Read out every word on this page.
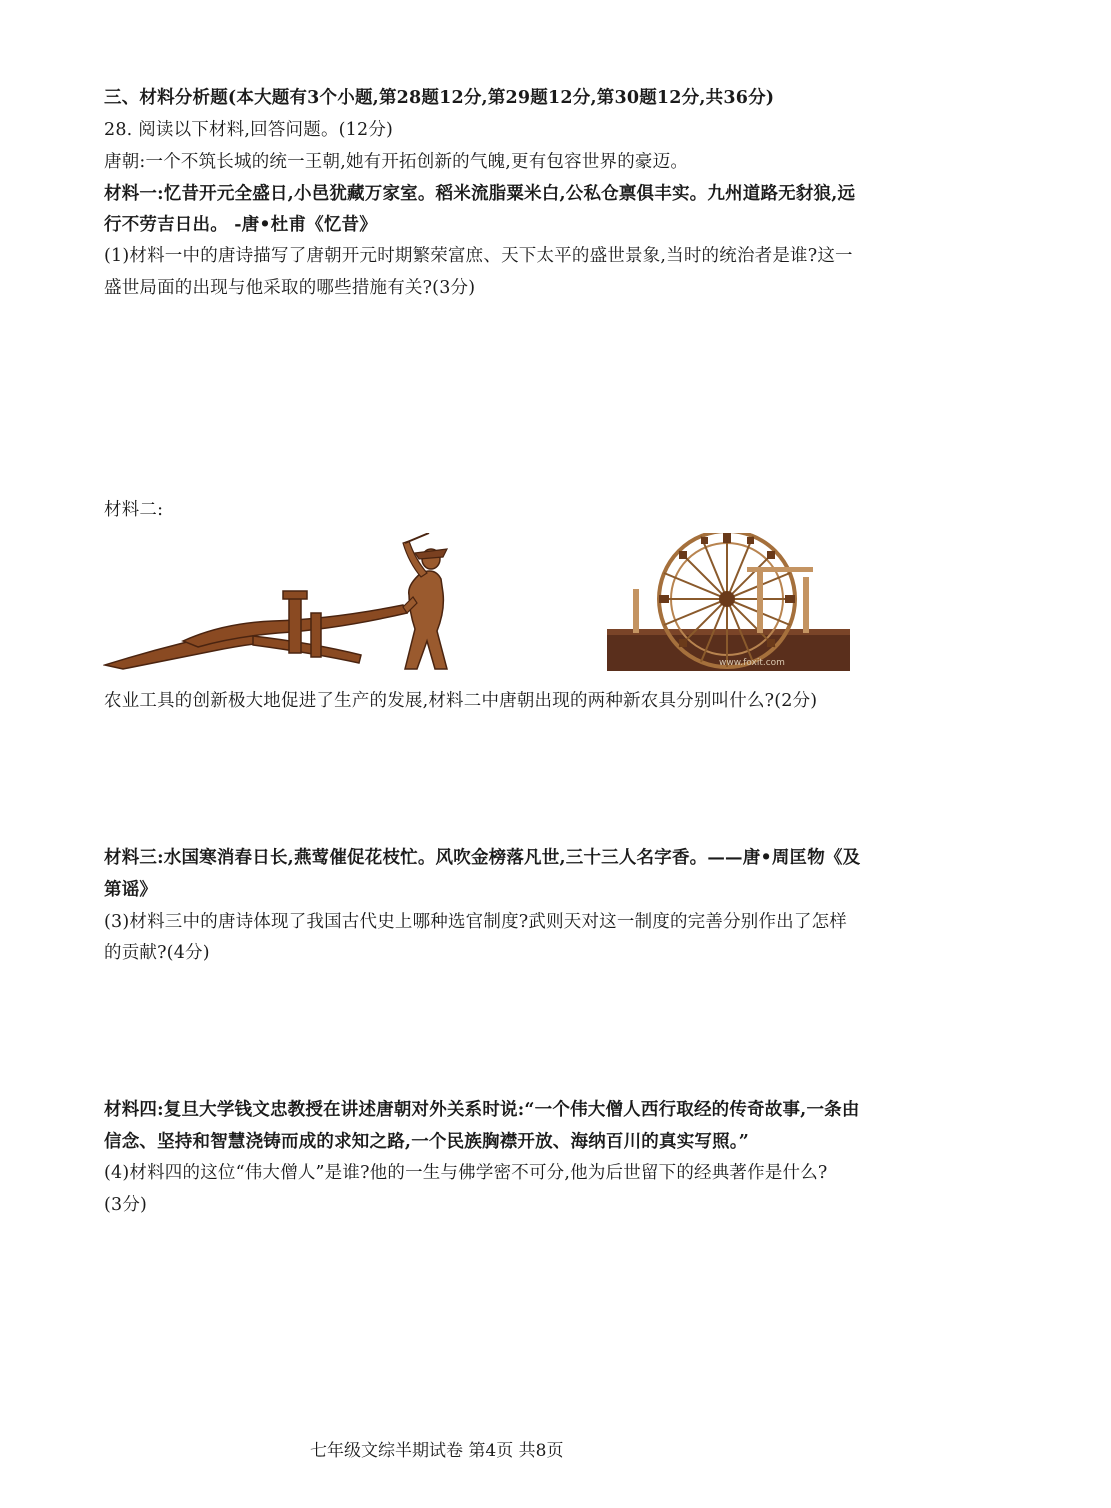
三、材料分析题(本大题有3个小题,第28题12分,第29题12分,第30题12分,共36分)
28. 阅读以下材料,回答问题。(12分)
唐朝:一个不筑长城的统一王朝,她有开拓创新的气魄,更有包容世界的豪迈。
材料一:忆昔开元全盛日,小邑犹藏万家室。稻米流脂粟米白,公私仓禀俱丰实。九州道路无豺狼,远
行不劳吉日出。 -唐•杜甫《忆昔》
(1)材料一中的唐诗描写了唐朝开元时期繁荣富庶、天下太平的盛世景象,当时的统治者是谁?这一
盛世局面的出现与他采取的哪些措施有关?(3分)
材料二:
www.foxit.com
农业工具的创新极大地促进了生产的发展,材料二中唐朝出现的两种新农具分别叫什么?(2分)
材料三:水国寒消春日长,燕莺催促花枝忙。风吹金榜落凡世,三十三人名字香。——唐•周匡物《及
第谣》
(3)材料三中的唐诗体现了我国古代史上哪种选官制度?武则天对这一制度的完善分别作出了怎样
的贡献?(4分)
材料四:复旦大学钱文忠教授在讲述唐朝对外关系时说:“一个伟大僧人西行取经的传奇故事,一条由
信念、坚持和智慧浇铸而成的求知之路,一个民族胸襟开放、海纳百川的真实写照。”
(4)材料四的这位“伟大僧人”是谁?他的一生与佛学密不可分,他为后世留下的经典著作是什么?
(3分)
七年级文综半期试卷 第4页 共8页
